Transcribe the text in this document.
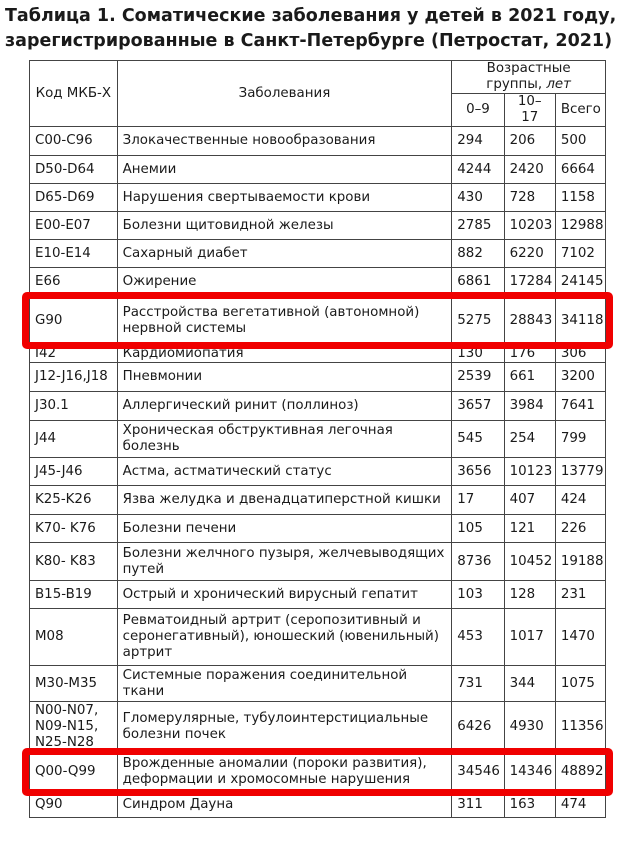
Таблица 1. Соматические заболевания у детей в 2021 году,
зарегистрированные в Санкт-Петербурге (Петростат, 2021)
Код МКБ-Х	Заболевания	Возрастные группы, лет		
		0–9	10–17	Всего
C00-C96	Злокачественные новообразования	294	206	500
D50-D64	Анемии	4244	2420	6664
D65-D69	Нарушения свертываемости крови	430	728	1158
E00-E07	Болезни щитовидной железы	2785	10203	12988
E10-E14	Сахарный диабет	882	6220	7102
E66	Ожирение	6861	17284	24145
G90	Расстройства вегетативной (автономной) нервной системы	5275	28843	34118
I42	Кардиомиопатия	130	176	306
J12-J16,J18	Пневмонии	2539	661	3200
J30.1	Аллергический ринит (поллиноз)	3657	3984	7641
J44	Хроническая обструктивная легочная болезнь	545	254	799
J45-J46	Астма, астматический статус	3656	10123	13779
K25-K26	Язва желудка и двенадцатиперстной кишки	17	407	424
K70- K76	Болезни печени	105	121	226
K80- K83	Болезни желчного пузыря, желчевыводящих путей	8736	10452	19188
B15-B19	Острый и хронический вирусный гепатит	103	128	231
M08	Ревматоидный артрит (серопозитивный и серонегативный), юношеский (ювенильный) артрит	453	1017	1470
M30-M35	Системные поражения соединительной ткани	731	344	1075
N00-N07, N09-N15, N25-N28	Гломерулярные, тубулоинтерстициальные болезни почек	6426	4930	11356
Q00-Q99	Врожденные аномалии (пороки развития), деформации и хромосомные нарушения	34546	14346	48892
Q90	Синдром Дауна	311	163	474
